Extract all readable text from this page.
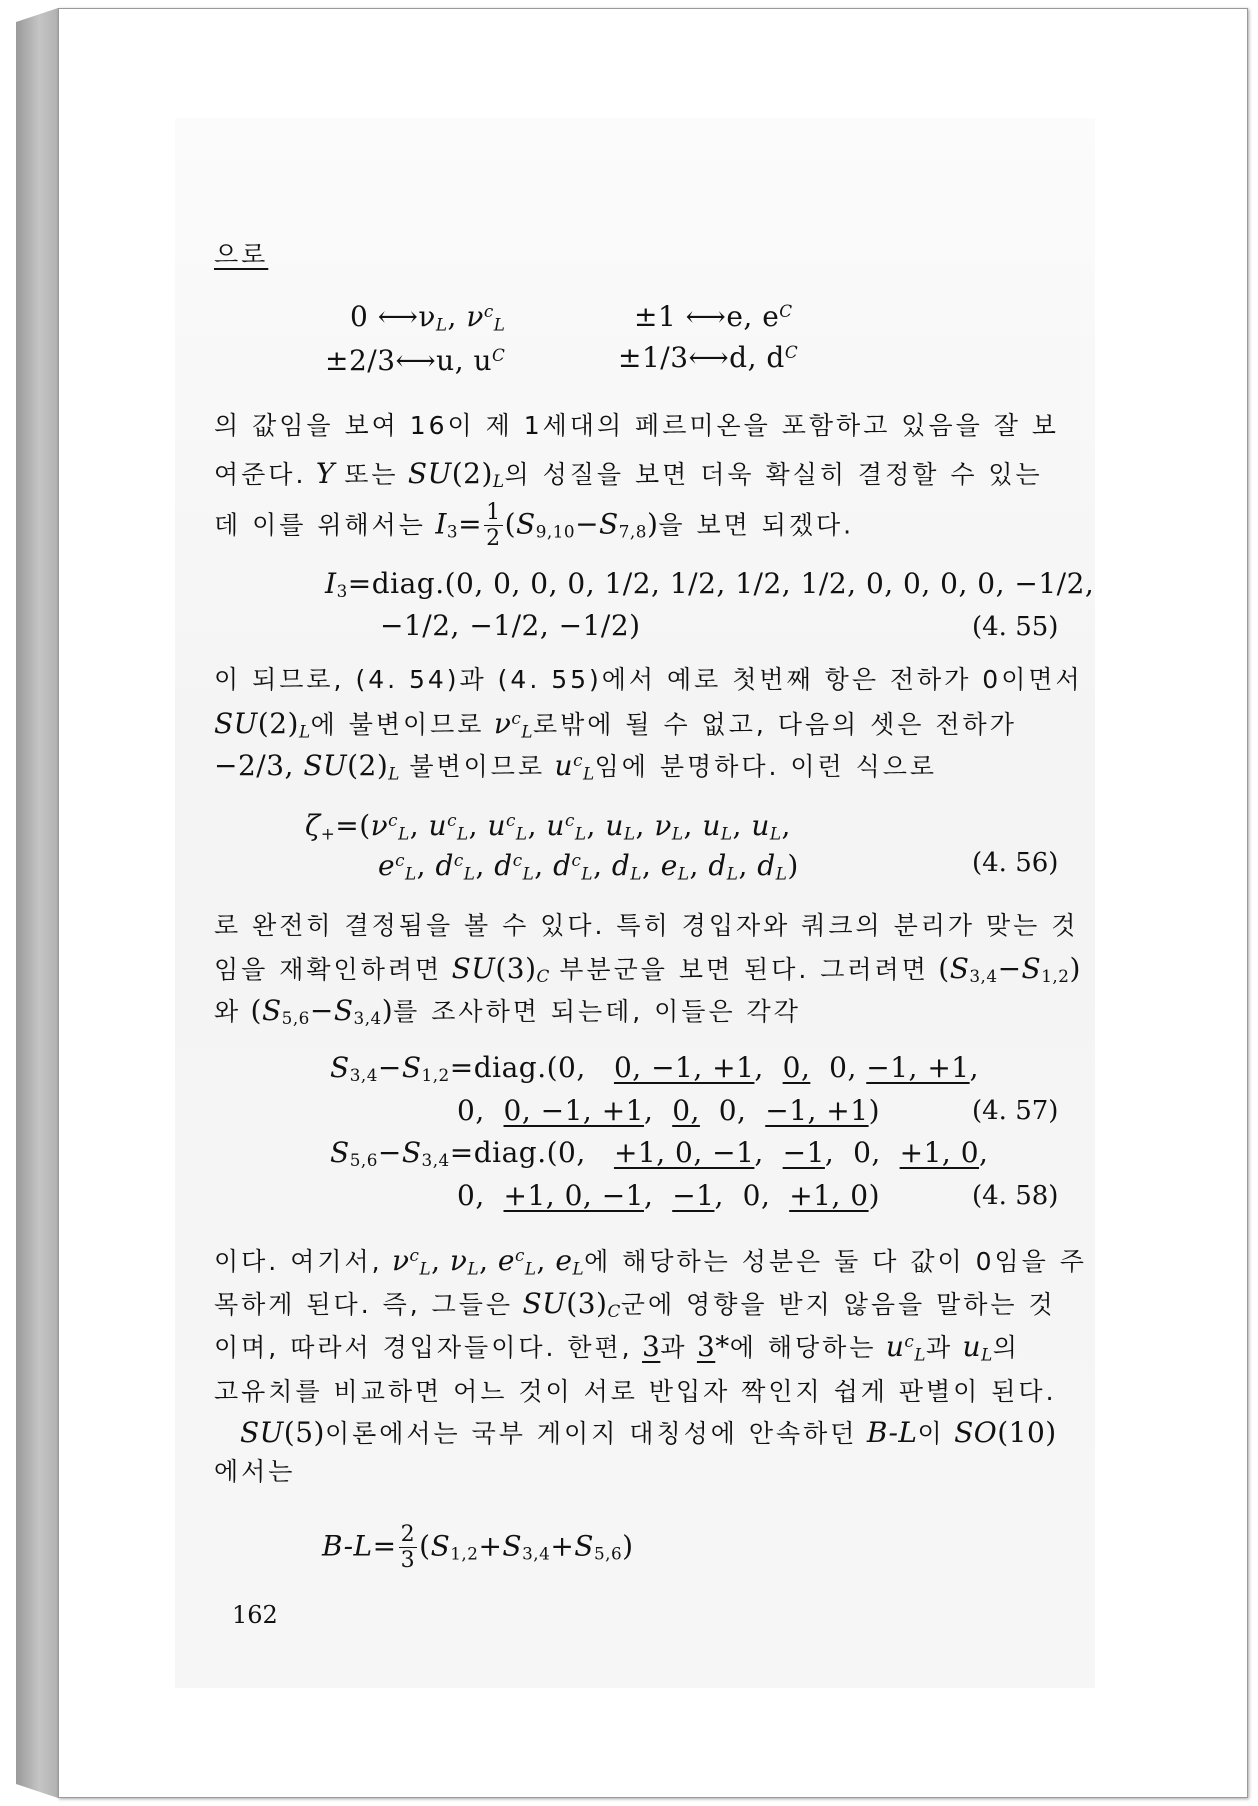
으로
0 $⟷\nu_L$, $\nu^c_L$	±1 ⟷e, $e^C$
±2/3⟷u, $u^C$	±1/3⟷d, $d^C$
의 값임을 보여 16이 제 1세대의 페르미온을 포함하고 있음을 잘 보
여준다. Y 또는 $SU(2)_L$의 성질을 보면 더욱 확실히 결정할 수 있는
데 이를 위해서는 $I_3= \frac{1}{2} (S_{9,10}-S_{7,8})$을 보면 되겠다.
$I_3=diag.(0$, 0, 0, 0, 1/2, 1/2, 1/2, 1/2, 0, 0, 0, 0, −1/2,
−1/2, −1/2, −1/2)	(4. 55)
이 되므로, (4. 54)과 (4. 55)에서 예로 첫번째 항은 전하가 0이면서
$SU(2)_L$에 불변이므로 $\nu^c_L$로밖에 될 수 없고, 다음의 셋은 전하가
−2/3, $SU(2)_L$ 불변이므로 $u^c_L$임에 분명하다. 이런 식으로
$\zeta_+=(\nu^c_L$, $u^c_L$, $u^c_L$, $u^c_L$, $u_L$, $\nu_L$, $u_L$, $u_L$,
$e^c_L$, $d^c_L$, $d^c_L$, $d^c_L$, $d_L$, $e_L$, $d_L$, $d_L$)	(4. 56)
로 완전히 결정됨을 볼 수 있다. 특히 경입자와 쿼크의 분리가 맞는 것
임을 재확인하려면 $SU(3)_C$ 부분군을 보면 된다. 그러려면 $(S_{3,4}-S_{1,2})$
와 $(S_{5,6}-S_{3,4})$를 조사하면 되는데, 이들은 각각
$S_{3,4}-S_{1,2}=diag.(0$,   0, −1, +1,  0,  0, −1, +1,
0,  0, −1, +1,  0,  0,  −1, +1)	(4. 57)
$S_{5,6}-S_{3,4}=diag.(0$,   +1, 0, −1,  −1,  0,  +1, 0,
0,  +1, 0, −1,  −1,  0,  +1, 0)	(4. 58)
이다. 여기서, $\nu^c_L$, $\nu_L$, $e^c_L$, $e_L$에 해당하는 성분은 둘 다 값이 0임을 주
목하게 된다. 즉, 그들은 $SU(3)_C$군에 영향을 받지 않음을 말하는 것
이며, 따라서 경입자들이다. 한편, 3과 3*에 해당하는 $u^c_L$과 $u_L$의
고유치를 비교하면 어느 것이 서로 반입자 짝인지 쉽게 판별이 된다.
SU(5)이론에서는 국부 게이지 대칭성에 안속하던 B-L이 SO(10)
에서는
$B-L= \frac{2}{3} (S_{1,2}+S_{3,4}+S_{5,6})$
162
